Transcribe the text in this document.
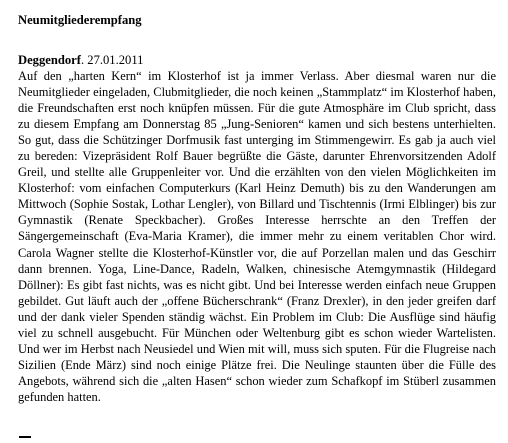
Neumitgliederempfang
Deggendorf. 27.01.2011
Auf den „harten Kern“ im Klosterhof ist ja immer Verlass. Aber diesmal waren nur die Neumitglieder eingeladen, Clubmitglieder, die noch keinen „Stammplatz“ im Klosterhof haben, die Freundschaften erst noch knüpfen müssen. Für die gute Atmosphäre im Club spricht, dass zu diesem Empfang am Donnerstag 85 „Jung-Senioren“ kamen und sich bestens unterhielten. So gut, dass die Schützinger Dorfmusik fast unterging im Stimmengewirr. Es gab ja auch viel zu bereden: Vizepräsident Rolf Bauer begrüßte die Gäste, darunter Ehrenvorsitzenden Adolf Greil, und stellte alle Gruppenleiter vor. Und die erzählten von den vielen Möglichkeiten im Klosterhof: vom einfachen Computerkurs (Karl Heinz Demuth) bis zu den Wanderungen am Mittwoch (Sophie Sostak, Lothar Lengler), von Billard und Tischtennis (Irmi Elblinger) bis zur Gymnastik (Renate Speckbacher). Großes Interesse herrschte an den Treffen der Sängergemeinschaft (Eva-Maria Kramer), die immer mehr zu einem veritablen Chor wird. Carola Wagner stellte die Klosterhof-Künstler vor, die auf Porzellan malen und das Geschirr dann brennen. Yoga, Line-Dance, Radeln, Walken, chinesische Atemgymnastik (Hildegard Döllner): Es gibt fast nichts, was es nicht gibt. Und bei Interesse werden einfach neue Gruppen gebildet. Gut läuft auch der „offene Bücherschrank“ (Franz Drexler), in den jeder greifen darf und der dank vieler Spenden ständig wächst. Ein Problem im Club: Die Ausflüge sind häufig viel zu schnell ausgebucht. Für München oder Weltenburg gibt es schon wieder Wartelisten. Und wer im Herbst nach Neusiedel und Wien mit will, muss sich sputen. Für die Flugreise nach Sizilien (Ende März) sind noch einige Plätze frei. Die Neulinge staunten über die Fülle des Angebots, während sich die „alten Hasen“ schon wieder zum Schafkopf im Stüberl zusammen gefunden hatten.
